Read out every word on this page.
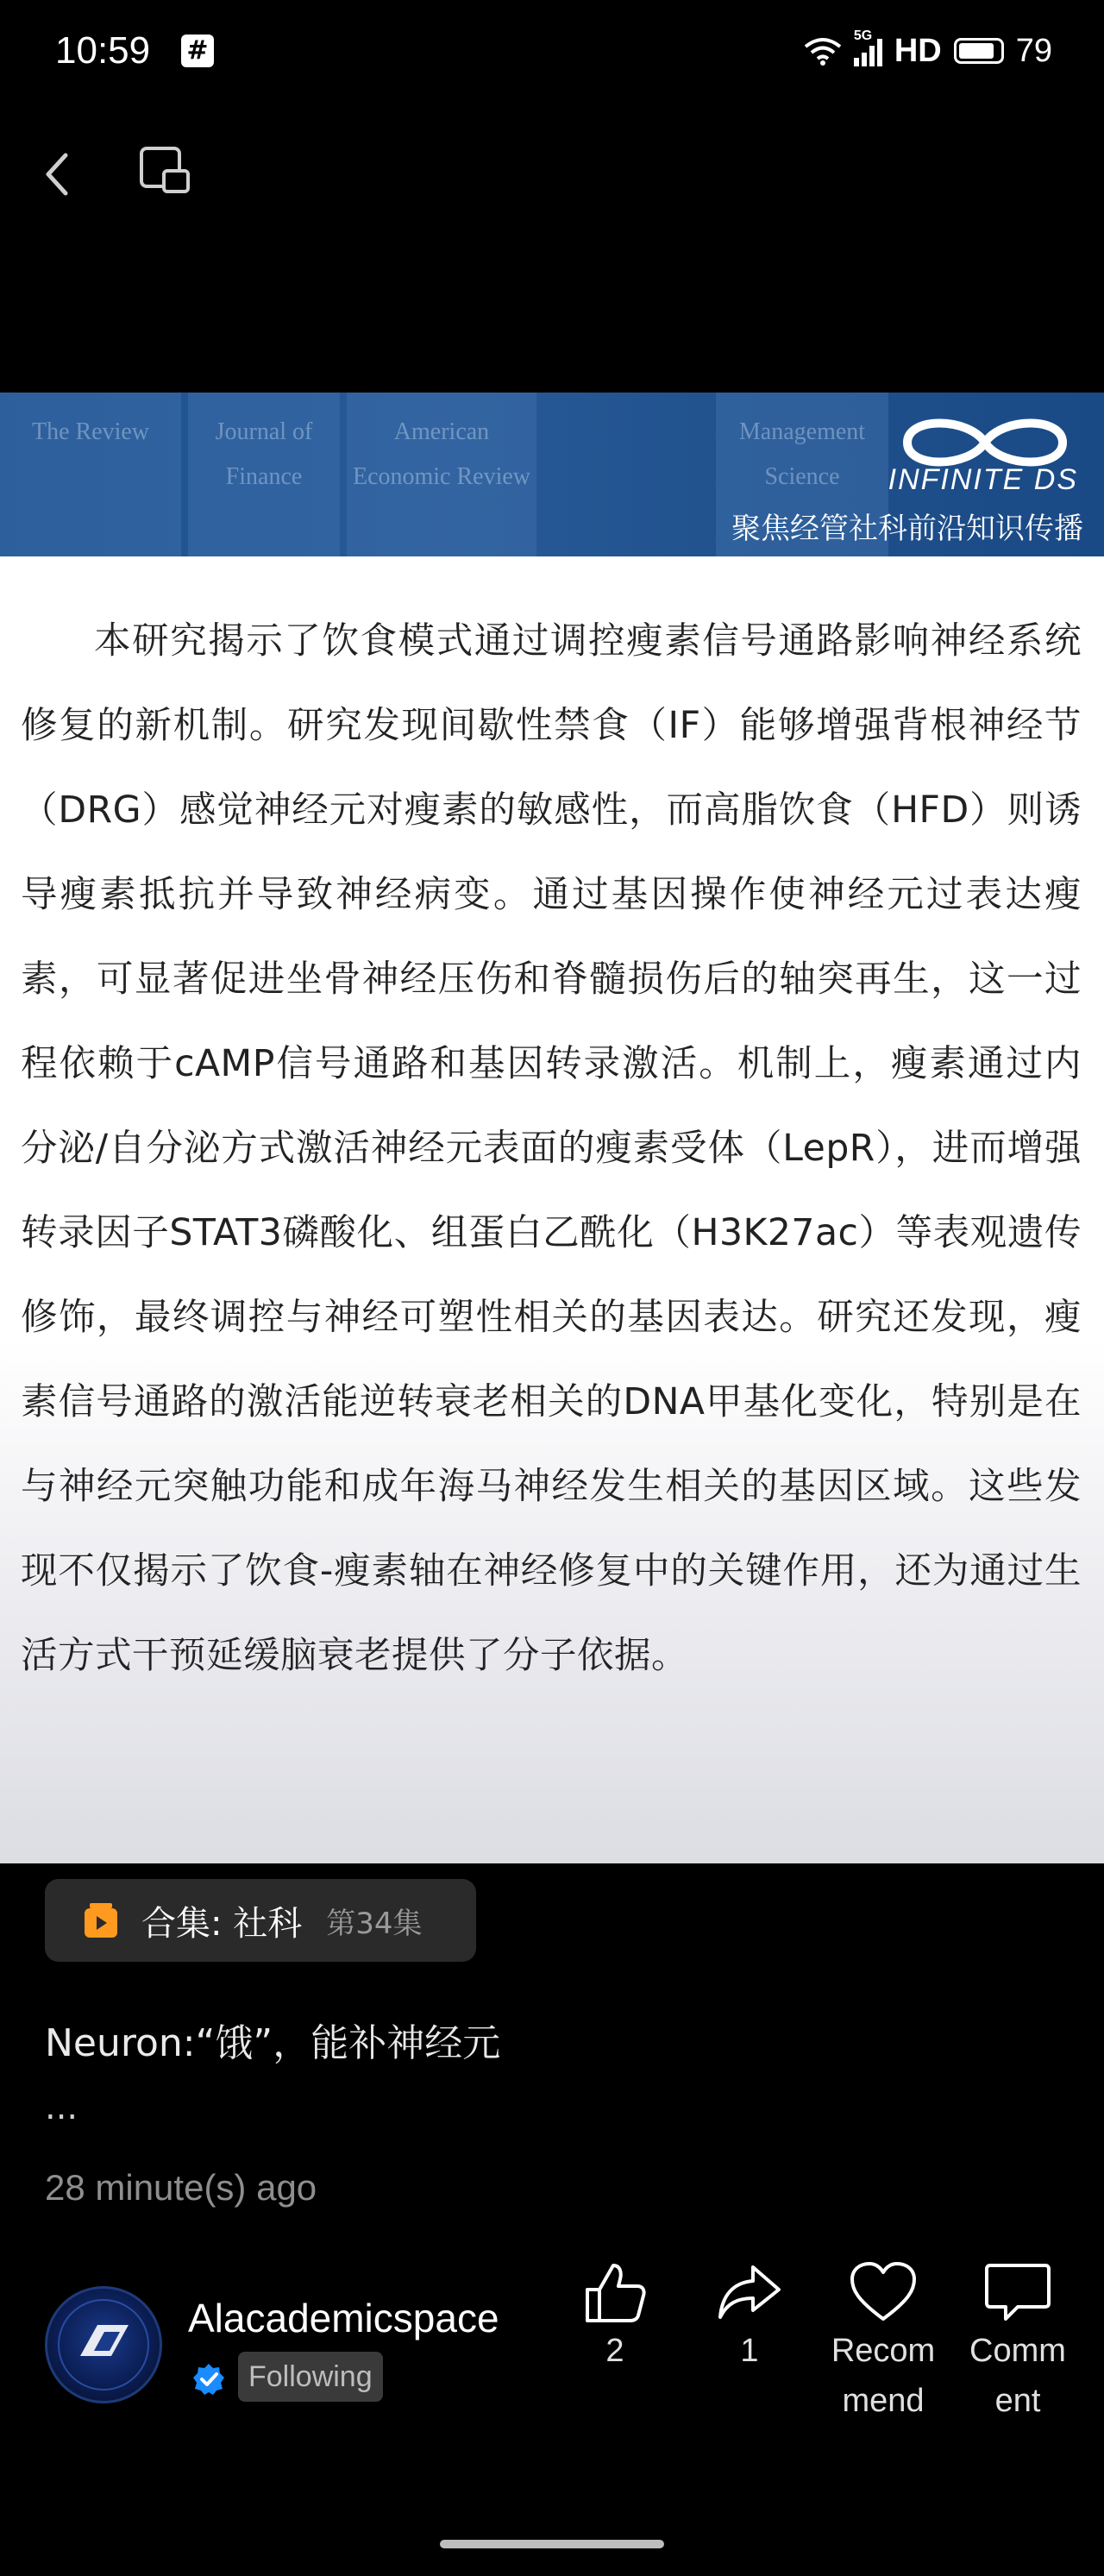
10:59 #	5G HD 79
The Review	Journal of Finance
American Economic Review
Management Science	INFINITE DS
聚焦经管社科前沿知识传播

本研究揭示了饮食模式通过调控瘦素信号通路影响神经系统修复的新机制。研究发现间歇性禁食（IF）能够增强背根神经节（DRG）感觉神经元对瘦素的敏感性，而高脂饮食（HFD）则诱导瘦素抵抗并导致神经病变。通过基因操作使神经元过表达瘦素，可显著促进坐骨神经压伤和脊髓损伤后的轴突再生，这一过程依赖于cAMP信号通路和基因转录激活。机制上，瘦素通过内分泌/自分泌方式激活神经元表面的瘦素受体（LepR），进而增强转录因子STAT3磷酸化、组蛋白乙酰化（H3K27ac）等表观遗传修饰，最终调控与神经可塑性相关的基因表达。研究还发现，瘦素信号通路的激活能逆转衰老相关的DNA甲基化变化，特别是在与神经元突触功能和成年海马神经发生相关的基因区域。这些发现不仅揭示了饮食-瘦素轴在神经修复中的关键作用，还为通过生活方式干预延缓脑衰老提供了分子依据。

合集: 社科 第34集
Neuron:“饿”，能补神经元
...
28 minute(s) ago
Alacademicspace
Following
2	1	Recom
mend
Comm
ent
